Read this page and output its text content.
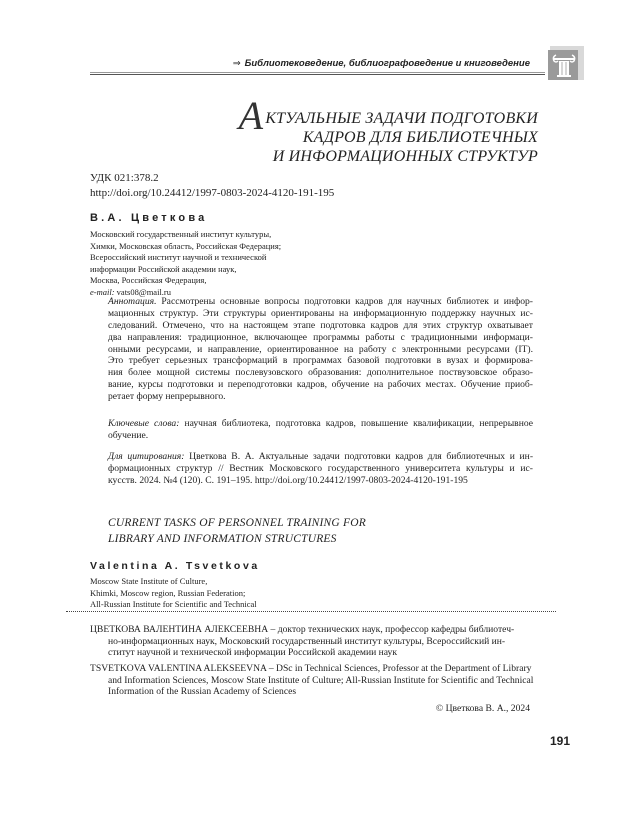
⇒ Библиотековедение, библиографоведение и книговедение
АКТУАЛЬНЫЕ ЗАДАЧИ ПОДГОТОВКИ
КАДРОВ ДЛЯ БИБЛИОТЕЧНЫХ
И ИНФОРМАЦИОННЫХ СТРУКТУР
УДК 021:378.2
http://doi.org/10.24412/1997-0803-2024-4120-191-195
В.А. Цветкова
Московский государственный институт культуры,
Химки, Московская область, Российская Федерация;
Всероссийский институт научной и технической
информации Российской академии наук,
Москва, Российская Федерация,
e-mail: vats08@mail.ru
Аннотация. Рассмотрены основные вопросы подготовки кадров для научных библиотек и инфор-
мационных структур. Эти структуры ориентированы на информационную поддержку научных ис-
следований. Отмечено, что на настоящем этапе подготовка кадров для этих структур охватывает
два направления: традиционное, включающее программы работы с традиционными информаци-
онными ресурсами, и направление, ориентированное на работу с электронными ресурсами (IT).
Это требует серьезных трансформаций в программах базовой подготовки в вузах и формирова-
ния более мощной системы послевузовского образования: дополнительное поствузовское образо-
вание, курсы подготовки и переподготовки кадров, обучение на рабочих местах. Обучение приоб-
ретает форму непрерывного.
Ключевые слова: научная библиотека, подготовка кадров, повышение квалификации, непрерывное
обучение.
Для цитирования: Цветкова В. А. Актуальные задачи подготовки кадров для библиотечных и ин-
формационных структур // Вестник Московского государственного университета культуры и ис-
кусств. 2024. №4 (120). С. 191–195. http://doi.org/10.24412/1997-0803-2024-4120-191-195
CURRENT TASKS OF PERSONNEL TRAINING FOR
LIBRARY AND INFORMATION STRUCTURES
Valentina A. Tsvetkova
Moscow State Institute of Culture,
Khimki, Moscow region, Russian Federation;
All-Russian Institute for Scientific and Technical
ЦВЕТКОВА ВАЛЕНТИНА АЛЕКСЕЕВНА – доктор технических наук, профессор кафедры библиотеч-
но-информационных наук, Московский государственный институт культуры, Всероссийский ин-
ститут научной и технической информации Российской академии наук
TSVETKOVA VALENTINA ALEKSEEVNA – DSc in Technical Sciences, Professor at the Department of Library
and Information Sciences, Moscow State Institute of Culture; All-Russian Institute for Scientific and Technical
Information of the Russian Academy of Sciences
© Цветкова В. А., 2024
191
